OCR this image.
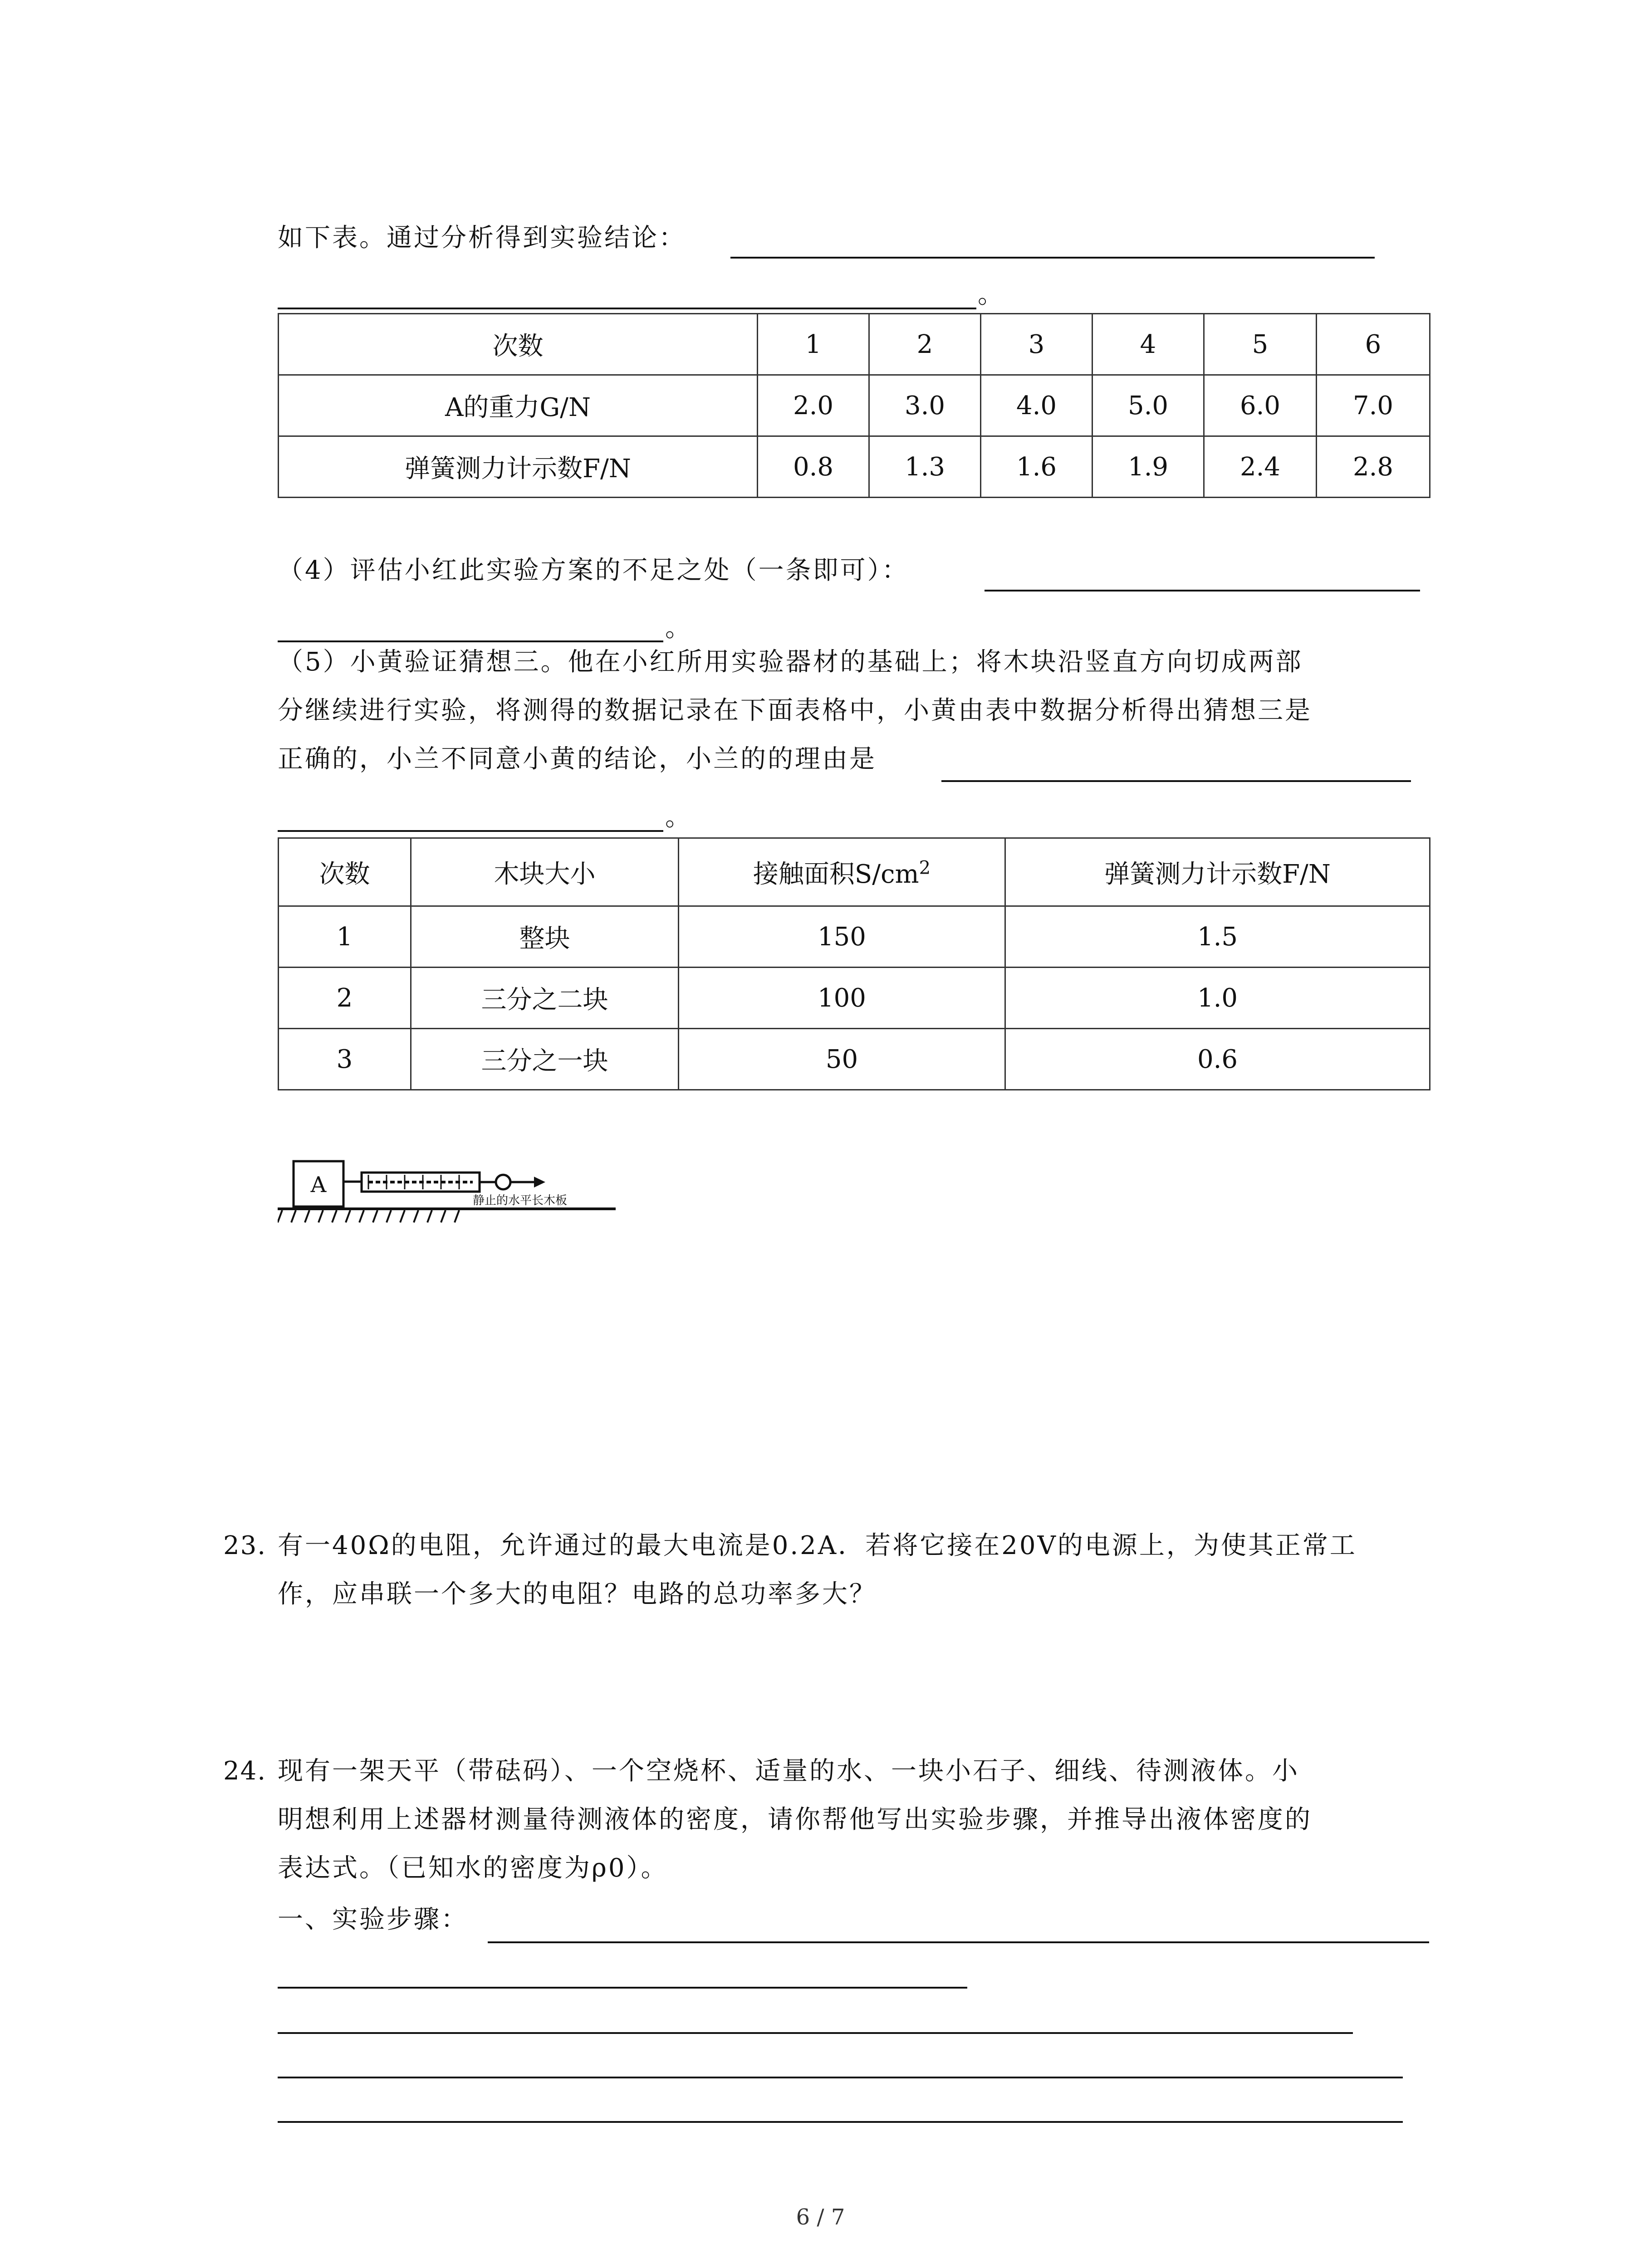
如下表。通过分析得到实验结论：
。
次数	1	2	3	4	5	6
A的重力G/N	2.0	3.0	4.0	5.0	6.0	7.0
弹簧测力计示数F/N	0.8	1.3	1.6	1.9	2.4	2.8
（4）评估小红此实验方案的不足之处（一条即可）：
。
（5）小黄验证猜想三。他在小红所用实验器材的基础上；将木块沿竖直方向切成两部
分继续进行实验，将测得的数据记录在下面表格中，小黄由表中数据分析得出猜想三是
正确的，小兰不同意小黄的结论，小兰的的理由是
。
次数	木块大小	接触面积$S/cm^2$	弹簧测力计示数F/N
1	整块	150	1.5
2	三分之二块	100	1.0
3	三分之一块	50	0.6
A
静止的水平长木板
23. 有一40Ω的电阻，允许通过的最大电流是0.2A．若将它接在20V的电源上，为使其正常工
作，应串联一个多大的电阻？电路的总功率多大？
24. 现有一架天平（带砝码）、一个空烧杯、适量的水、一块小石子、细线、待测液体。小
明想利用上述器材测量待测液体的密度，请你帮他写出实验步骤，并推导出液体密度的
表达式。（已知水的密度为ρ0）。
一、实验步骤：
6 / 7
